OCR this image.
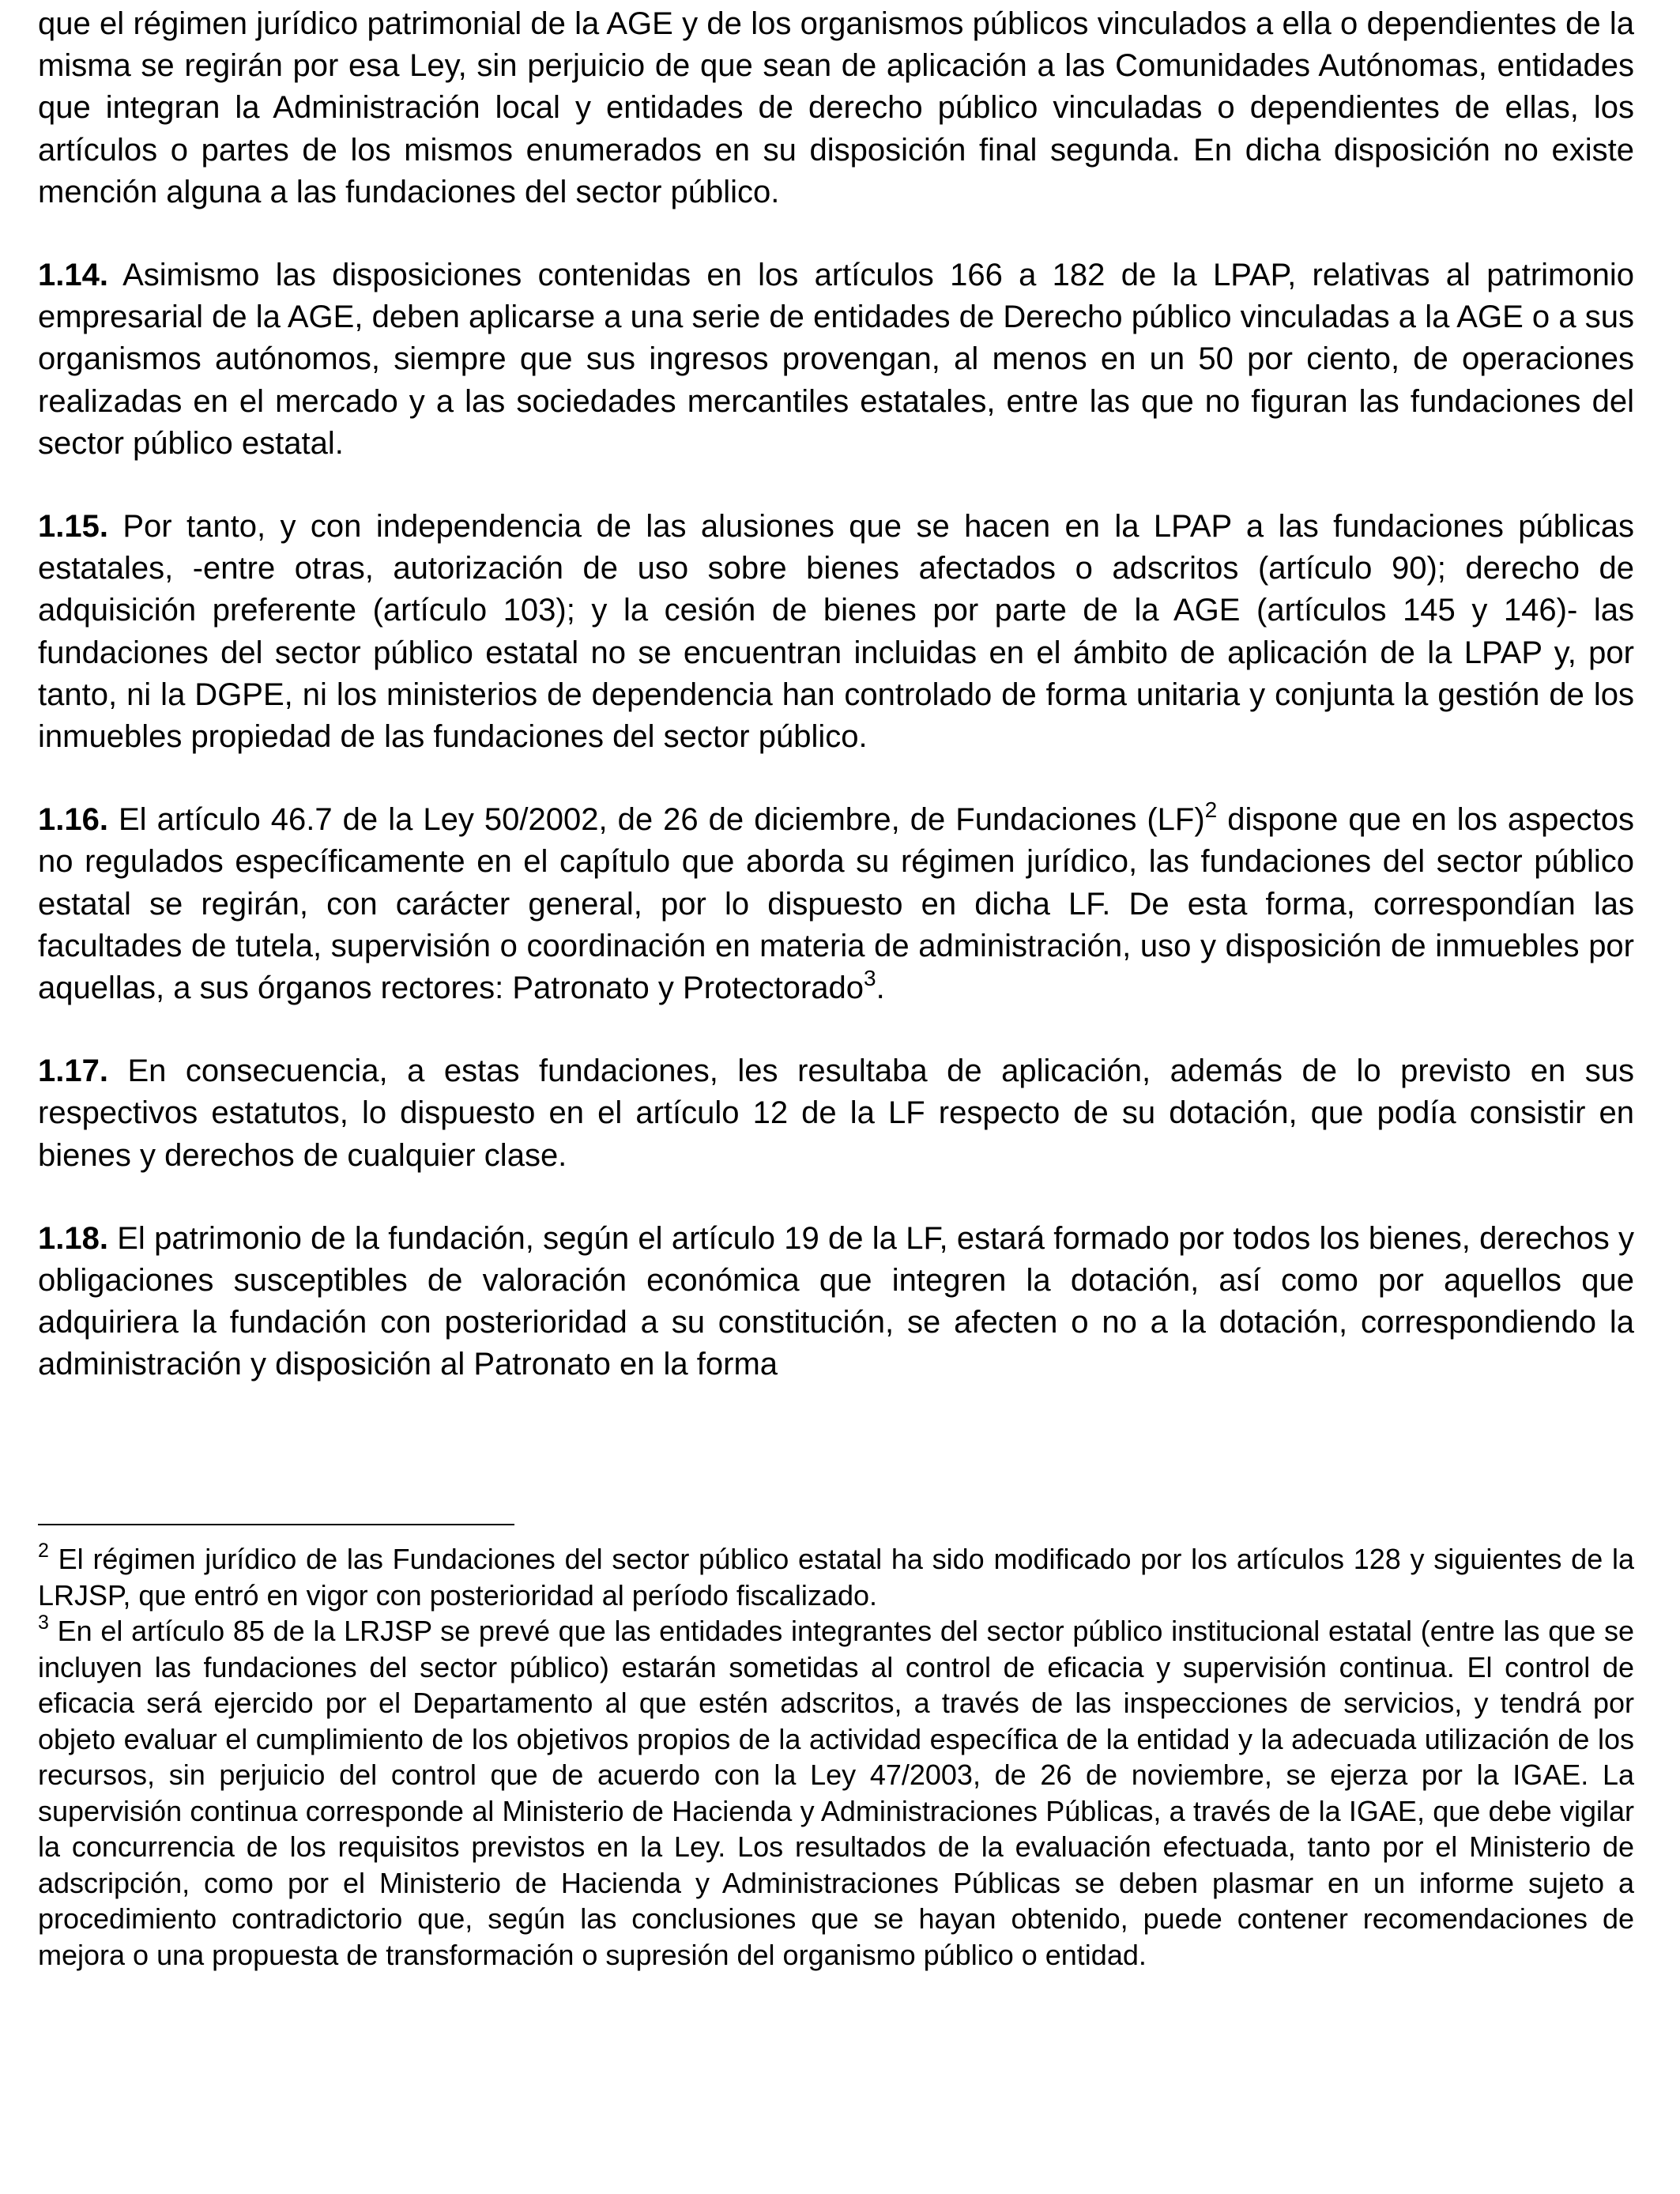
que el régimen jurídico patrimonial de la AGE y de los organismos públicos vinculados a ella o dependientes de la misma se regirán por esa Ley, sin perjuicio de que sean de aplicación a las Comunidades Autónomas, entidades que integran la Administración local y entidades de derecho público vinculadas o dependientes de ellas, los artículos o partes de los mismos enumerados en su disposición final segunda. En dicha disposición no existe mención alguna a las fundaciones del sector público.

1.14. Asimismo las disposiciones contenidas en los artículos 166 a 182 de la LPAP, relativas al patrimonio empresarial de la AGE, deben aplicarse a una serie de entidades de Derecho público vinculadas a la AGE o a sus organismos autónomos, siempre que sus ingresos provengan, al menos en un 50 por ciento, de operaciones realizadas en el mercado y a las sociedades mercantiles estatales, entre las que no figuran las fundaciones del sector público estatal.

1.15. Por tanto, y con independencia de las alusiones que se hacen en la LPAP a las fundaciones públicas estatales, -entre otras, autorización de uso sobre bienes afectados o adscritos (artículo 90); derecho de adquisición preferente (artículo 103); y la cesión de bienes por parte de la AGE (artículos 145 y 146)- las fundaciones del sector público estatal no se encuentran incluidas en el ámbito de aplicación de la LPAP y, por tanto, ni la DGPE, ni los ministerios de dependencia han controlado de forma unitaria y conjunta la gestión de los inmuebles propiedad de las fundaciones del sector público.

1.16. El artículo 46.7 de la Ley 50/2002, de 26 de diciembre, de Fundaciones (LF)$^2$ dispone que en los aspectos no regulados específicamente en el capítulo que aborda su régimen jurídico, las fundaciones del sector público estatal se regirán, con carácter general, por lo dispuesto en dicha LF. De esta forma, correspondían las facultades de tutela, supervisión o coordinación en materia de administración, uso y disposición de inmuebles por aquellas, a sus órganos rectores: Patronato y Protectorado$^3$.

1.17. En consecuencia, a estas fundaciones, les resultaba de aplicación, además de lo previsto en sus respectivos estatutos, lo dispuesto en el artículo 12 de la LF respecto de su dotación, que podía consistir en bienes y derechos de cualquier clase.

1.18. El patrimonio de la fundación, según el artículo 19 de la LF, estará formado por todos los bienes, derechos y obligaciones susceptibles de valoración económica que integren la dotación, así como por aquellos que adquiriera la fundación con posterioridad a su constitución, se afecten o no a la dotación, correspondiendo la administración y disposición al Patronato en la forma

$^2$ El régimen jurídico de las Fundaciones del sector público estatal ha sido modificado por los artículos 128 y siguientes de la LRJSP, que entró en vigor con posterioridad al período fiscalizado.

$^3$ En el artículo 85 de la LRJSP se prevé que las entidades integrantes del sector público institucional estatal (entre las que se incluyen las fundaciones del sector público) estarán sometidas al control de eficacia y supervisión continua. El control de eficacia será ejercido por el Departamento al que estén adscritos, a través de las inspecciones de servicios, y tendrá por objeto evaluar el cumplimiento de los objetivos propios de la actividad específica de la entidad y la adecuada utilización de los recursos, sin perjuicio del control que de acuerdo con la Ley 47/2003, de 26 de noviembre, se ejerza por la IGAE. La supervisión continua corresponde al Ministerio de Hacienda y Administraciones Públicas, a través de la IGAE, que debe vigilar la concurrencia de los requisitos previstos en la Ley. Los resultados de la evaluación efectuada, tanto por el Ministerio de adscripción, como por el Ministerio de Hacienda y Administraciones Públicas se deben plasmar en un informe sujeto a procedimiento contradictorio que, según las conclusiones que se hayan obtenido, puede contener recomendaciones de mejora o una propuesta de transformación o supresión del organismo público o entidad.
